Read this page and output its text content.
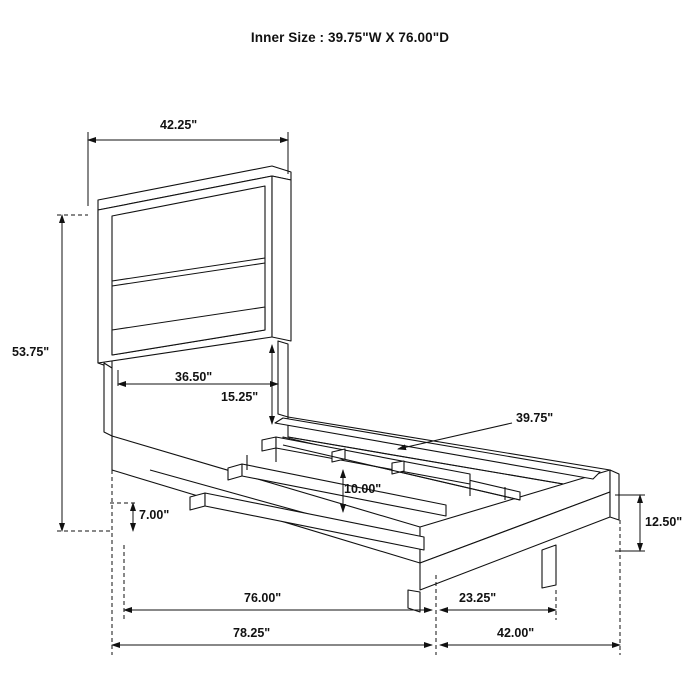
Inner Size : 39.75"W X 76.00"D
42.25"
53.75"
36.50"
15.25"
39.75"
7.00"
10.00"
12.50"
76.00"	23.25"
78.25"	42.00"
